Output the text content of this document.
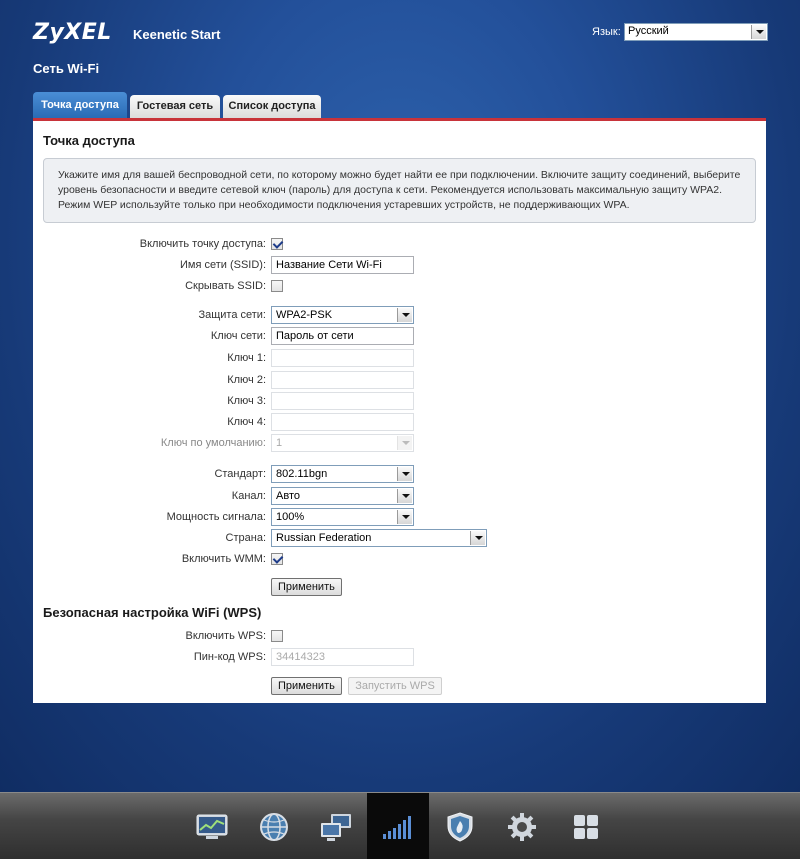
ZyXEL Keenetic Start
Сеть Wi-Fi
Язык: Русский
Точка доступа	Гостевая сеть	Список доступа
Точка доступа
Укажите имя для вашей беспроводной сети, по которому можно будет найти ее при подключении. Включите защиту соединений, выберите уровень безопасности и введите сетевой ключ (пароль) для доступа к сети. Рекомендуется использовать максимальную защиту WPA2. Режим WEP используйте только при необходимости подключения устаревших устройств, не поддерживающих WPA.
Включить точку доступа:
Имя сети (SSID): Название Сети Wi-Fi
Скрывать SSID:
Защита сети: WPA2-PSK
Ключ сети: Пароль от сети
Ключ 1:
Ключ 2:
Ключ 3:
Ключ 4:
Ключ по умолчанию: 1
Стандарт: 802.11bgn
Канал: Авто
Мощность сигнала: 100%
Страна: Russian Federation
Включить WMM:
Применить
Безопасная настройка WiFi (WPS)
Включить WPS:
Пин-код WPS: 34414323
Применить Запустить WPS
